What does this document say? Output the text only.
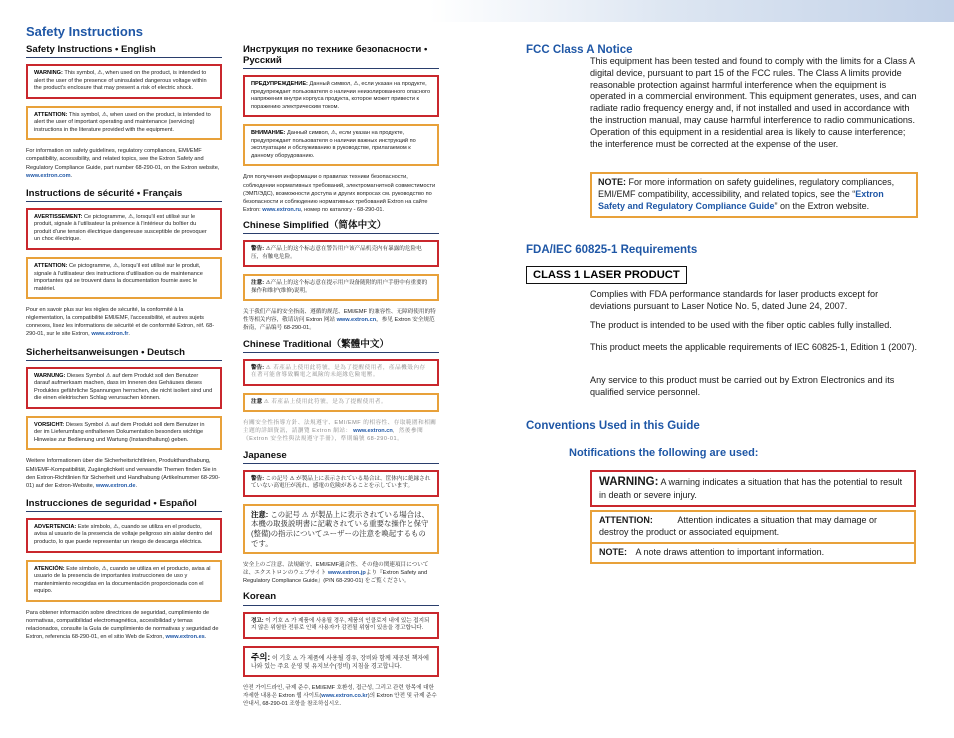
Safety Instructions
Safety Instructions • English
WARNING: This symbol, ⚠, when used on the product, is intended to alert the user of the presence of uninsulated dangerous voltage within the product's enclosure that may present a risk of electric shock.
ATTENTION: This symbol, ⚠, when used on the product, is intended to alert the user of important operating and maintenance (servicing) instructions in the literature provided with the equipment.
For information on safety guidelines, regulatory compliances, EMI/EMF compatibility, accessibility, and related topics, see the Extron Safety and Regulatory Compliance Guide, part number 68-290-01, on the Extron website, www.extron.com.
Instructions de sécurité • Français
AVERTISSEMENT: Ce pictogramme, ⚠, lorsqu'il est utilisé sur le produit, signale à l'utilisateur la présence à l'intérieur du boîtier du produit d'une tension électrique dangereuse susceptible de provoquer un choc électrique.
ATTENTION: Ce pictogramme, ⚠, lorsqu'il est utilisé sur le produit, signale à l'utilisateur des instructions d'utilisation ou de maintenance importantes qui se trouvent dans la documentation fournie avec le matériel.
Pour en savoir plus sur les règles de sécurité, la conformité à la réglementation, la compatibilité EMI/EMF, l'accessibilité, et autres sujets connexes, lisez les informations de sécurité et de conformité Extron, réf. 68-290-01, sur le site Extron, www.extron.fr.
Sicherheitsanweisungen • Deutsch
WARNUNG: Dieses Symbol ⚠ auf dem Produkt soll den Benutzer darauf aufmerksam machen, dass im Inneren des Gehäuses dieses Produktes gefährliche Spannungen herrschen, die nicht isoliert sind und die einen elektrischen Schlag verursachen können.
VORSICHT: Dieses Symbol ⚠ auf dem Produkt soll dem Benutzer in der im Lieferumfang enthaltenen Dokumentation besonders wichtige Hinweise zur Bedienung und Wartung (Instandhaltung) geben.
Weitere Informationen über die Sicherheitsrichtlinien, Produkthandhabung, EMI/EMF-Kompatibilität, Zugänglichkeit und verwandte Themen finden Sie in den Extron-Richtlinien für Sicherheit und Handhabung (Artikelnummer 68-290-01) auf der Extron-Website, www.extron.de.
Instrucciones de seguridad • Español
ADVERTENCIA: Este símbolo, ⚠, cuando se utiliza en el producto, avisa al usuario de la presencia de voltaje peligroso sin aislar dentro del producto, lo que puede representar un riesgo de descarga eléctrica.
ATENCIÓN: Este símbolo, ⚠, cuando se utiliza en el producto, avisa al usuario de la presencia de importantes instrucciones de uso y mantenimiento recogidas en la documentación proporcionada con el equipo.
Para obtener información sobre directrices de seguridad, cumplimiento de normativas, compatibilidad electromagnética, accesibilidad y temas relacionados, consulte la Guía de cumplimiento de normativas y seguridad de Extron, referencia 68-290-01, en el sitio Web de Extron, www.extron.es.
Инструкция по технике безопасности • Русский
ПРЕДУПРЕЖДЕНИЕ: Данный символ, ⚠, если указан на продукте, предупреждает пользователя о наличии неизолированного опасного напряжения внутри корпуса продукта, которое может привести к поражению электрическим током.
ВНИМАНИЕ: Данный символ, ⚠, если указан на продукте, предупреждает пользователя о наличии важных инструкций по эксплуатации и обслуживанию в руководстве, прилагаемом к данному оборудованию.
Для получения информации о правилах техники безопасности, соблюдении нормативных требований, электромагнитной совместимости (ЭМП/ЭДС), возможности доступа и других вопросах см. руководство по безопасности и соблюдению нормативных требований Extron на сайте Extron: www.extron.ru, номер по каталогу - 68-290-01.
Chinese Simplified（简体中文）
警告: ⚠产品上的这个标志意在警告用户该产品机壳内有暴露的危险电压，有触电危险。
注意: ⚠产品上的这个标志意在提示用户设备随附的用户手册中有重要的操作和维护(维修)说明。
关于我们产品的安全指南、遵循的规范、EMI/EMF 的兼容性、无障碍使用的特性等相关内容，敬请访问 Extron 网站 www.extron.cn，参见 Extron 安全规范指南，产品编号 68-290-01。
Chinese Traditional（繁體中文）
警告: ⚠ 若產品上使用此符號，是為了提醒使用者，產品機殼內存在著可能會導致觸電之風險的未絕緣危險電壓。
注意 ⚠ 若產品上使用此符號，是為了提醒使用者。
有關安全性指導方針、法規遵守、EMI/EMF 的相容性、存取範圍和相關主題的詳細資訊，請瀏覽 Extron 網站： www.extron.cn，然後參閱《Extron 安全性與法規遵守手冊》，準則編號 68-290-01。
Japanese
警告: この記号 ⚠ が製品上に表示されている場合は、筐体内に絶縁されていない高電圧が流れ、感電の危険があることを示しています。
注意: この記号 ⚠ が製品上に表示されている場合は、本機の取扱説明書に記載されている重要な操作と保守(整備)の指示についてユーザーの注意を喚起するものです。
安全上のご注意、法規厳守、EMI/EMF適合性、その他の関連項目については、エクストロンのウェブサイト www.extron.jpより『Extron Safety and Regulatory Compliance Guide』(P/N 68-290-01) をご覧ください。
Korean
경고: 이 기호 ⚠ 가 제품에 사용될 경우, 제품의 인클로저 내에 있는 접지되지 않은 위험한 전류로 인해 사용자가 감전될 위험이 있음을 경고합니다.
주의: 이 기호 ⚠ 가 제품에 사용될 경우, 장비와 함께 제공된 책자에 나와 있는 주요 운영 및 유지보수(정비) 지침을 경고합니다.
안전 가이드라인, 규제 준수, EMI/EMF 호환성, 접근성, 그리고 관련 항목에 대한 자세한 내용은 Extron 웹 사이트(www.extron.co.kr)의 Extron 안전 및 규제 준수 안내서, 68-290-01 조항을 참조하십시오.
FCC Class A Notice
This equipment has been tested and found to comply with the limits for a Class A digital device, pursuant to part 15 of the FCC rules. The Class A limits provide reasonable protection against harmful interference when the equipment is operated in a commercial environment. This equipment generates, uses, and can radiate radio frequency energy and, if not installed and used in accordance with the instruction manual, may cause harmful interference to radio communications. Operation of this equipment in a residential area is likely to cause interference; the interference must be corrected at the expense of the user.
NOTE: For more information on safety guidelines, regulatory compliances, EMI/EMF compatibility, accessibility, and related topics, see the “Extron Safety and Regulatory Compliance Guide” on the Extron website.
FDA/IEC 60825-1 Requirements
CLASS 1 LASER PRODUCT
Complies with FDA performance standards for laser products except for deviations pursuant to Laser Notice No. 5, dated June 24, 2007.
The product is intended to be used with the fiber optic cables fully installed.
This product meets the applicable requirements of IEC 60825-1, Edition 1 (2007).
Any service to this product must be carried out by Extron Electronics and its qualified service personnel.
Conventions Used in this Guide
Notifications the following are used:
WARNING: A warning indicates a situation that has the potential to result in death or severe injury.
ATTENTION:	Attention indicates a situation that may damage or destroy the product or associated equipment.
NOTE: A note draws attention to important information.
